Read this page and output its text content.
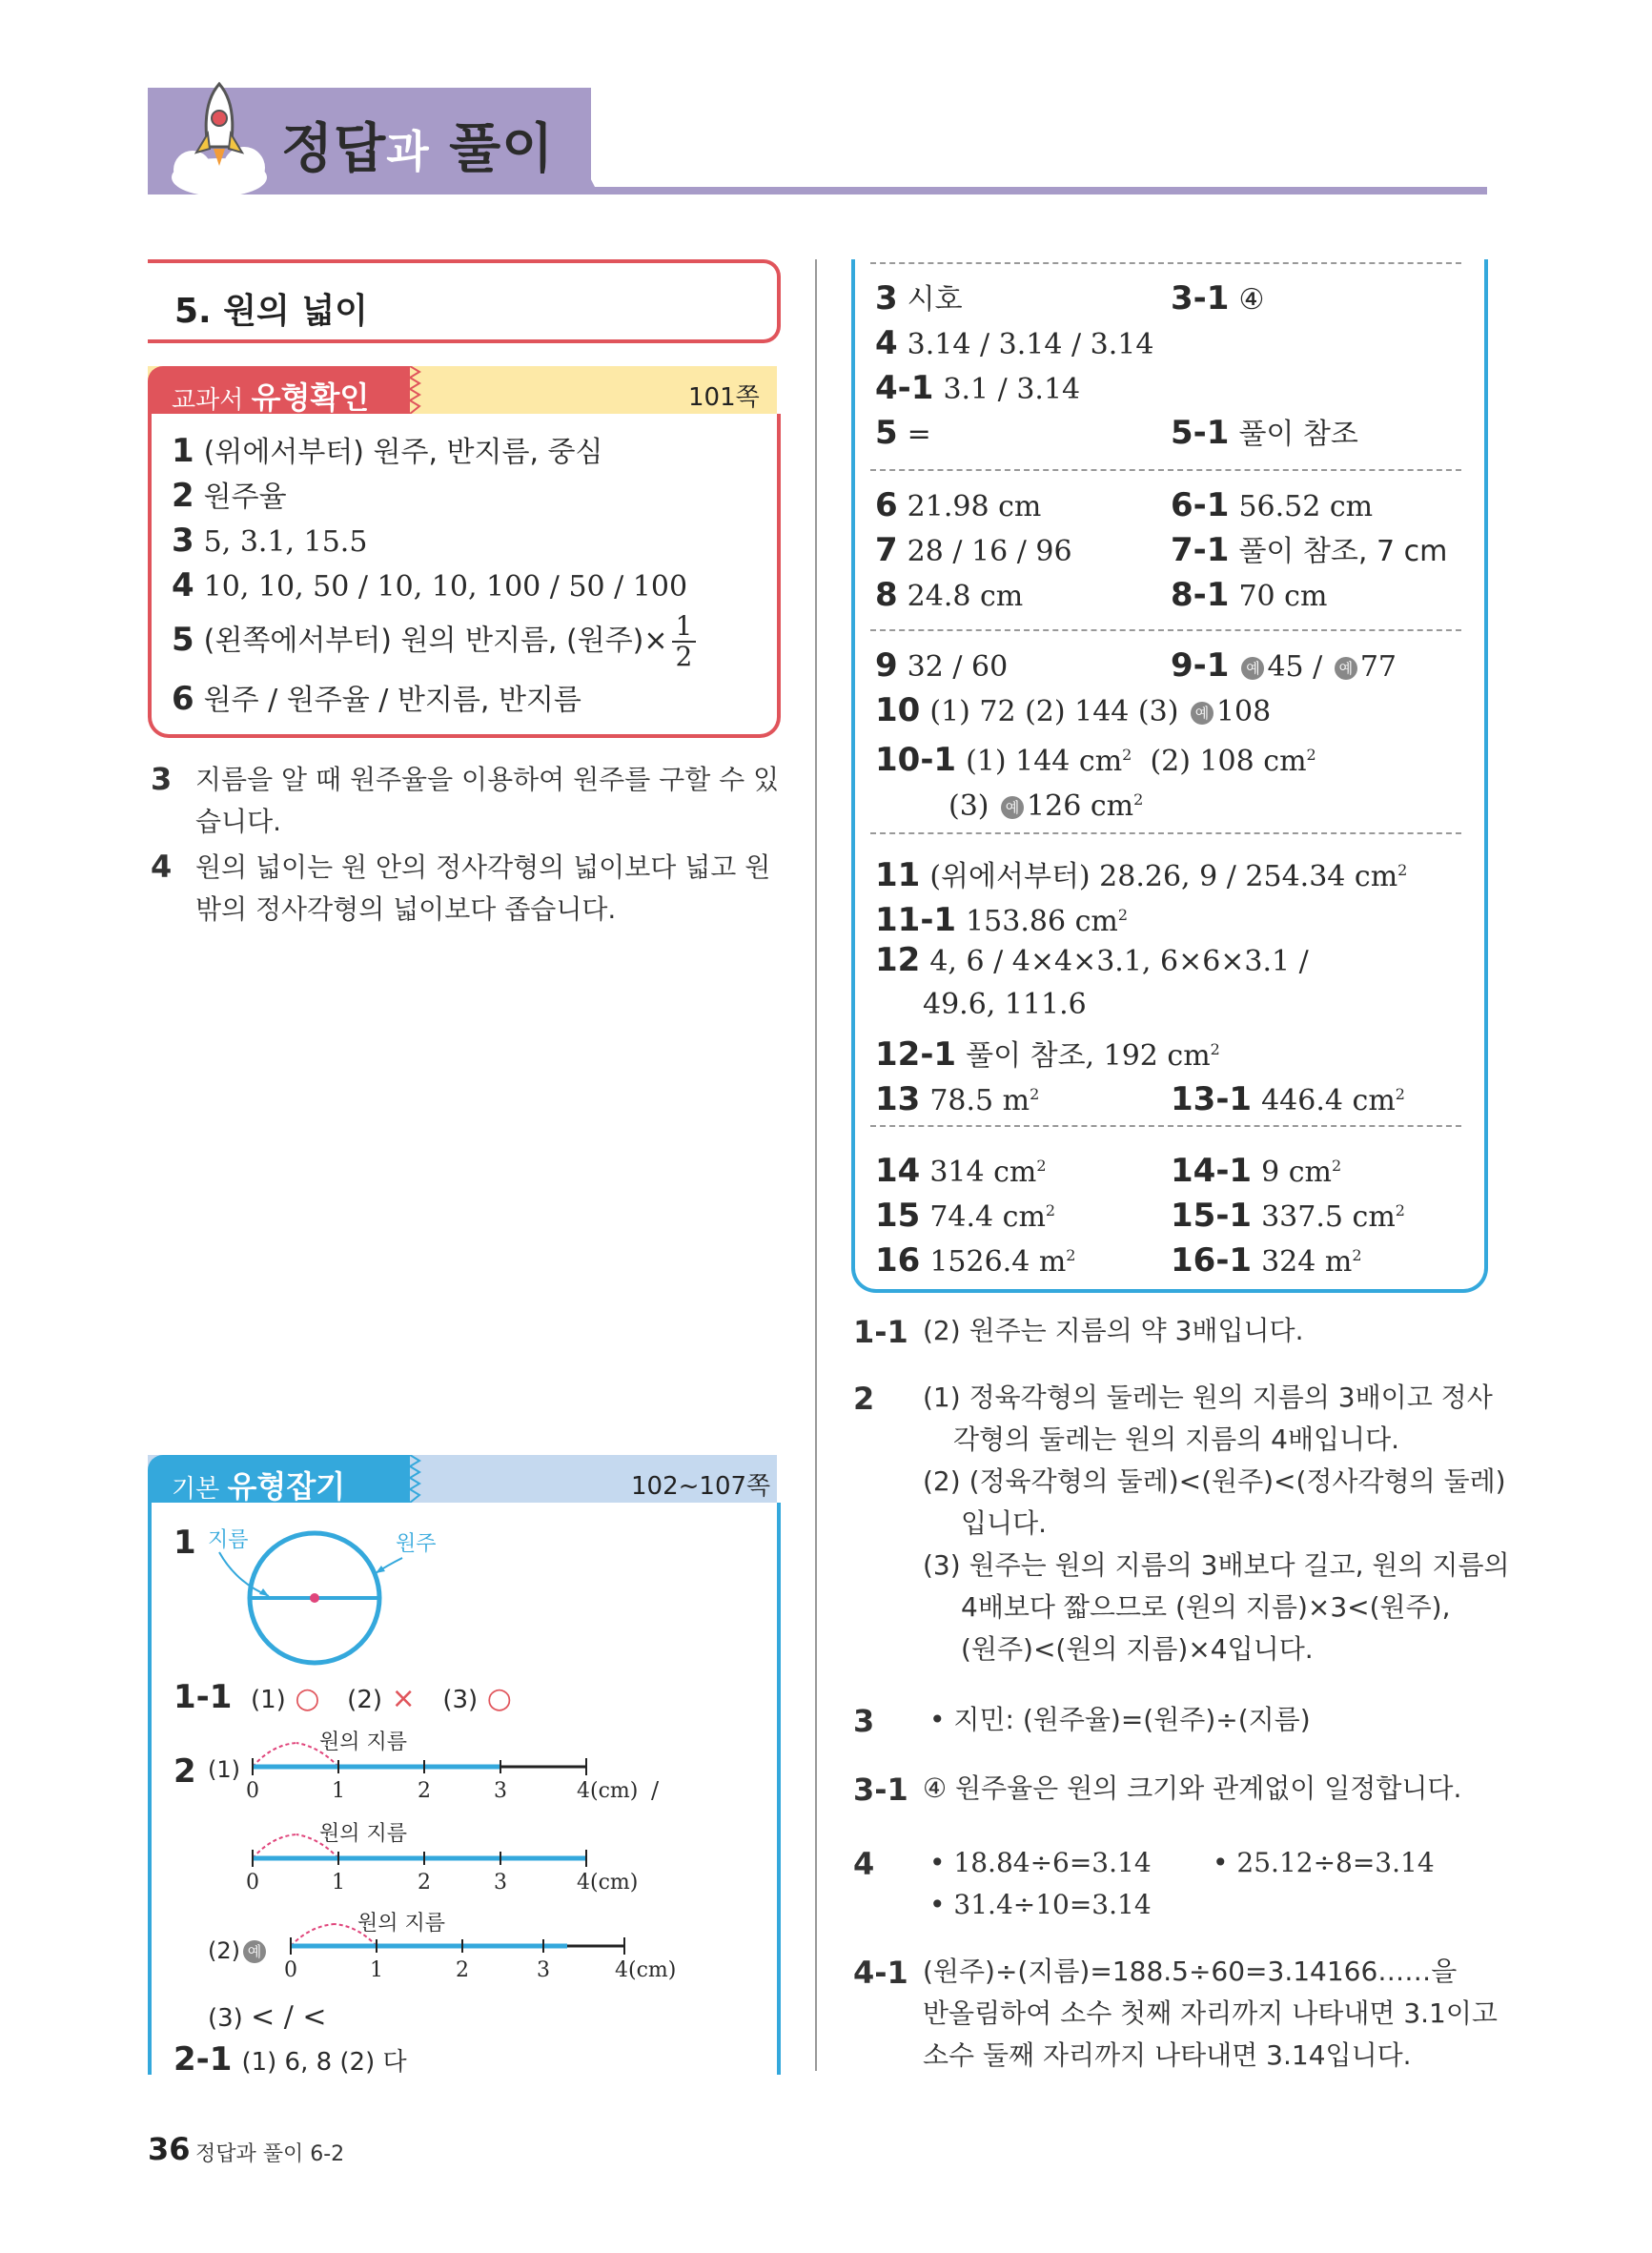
정답과 풀이
5. 원의 넓이
교과서 유형확인	101쪽
1 (위에서부터) 원주, 반지름, 중심
2 원주율
3 5, 3.1, 15.5
4 10, 10, 50 / 10, 10, 100 / 50 / 100
5 (왼쪽에서부터) 원의 반지름, (원주)× $\frac{1}{2}$
6 원주 / 원주율 / 반지름, 반지름
3 지름을 알 때 원주율을 이용하여 원주를 구할 수 있
습니다.
4 원의 넓이는 원 안의 정사각형의 넓이보다 넓고 원
밖의 정사각형의 넓이보다 좁습니다.
기본 유형잡기	102~107쪽
1 지름	원주
1-1 (1) ○ (2) × (3) ○
2 (1)
원의 지름
0	1	2	3	4(cm) /
원의 지름
0	1	2	3	4(cm)
(2) 예
원의 지름
0	1	2	3	4(cm)
(3) < / <
2-1 (1) 6, 8 (2) 다
3 시호	3-1 ④
4 3.14 / 3.14 / 3.14
4-1 3.1 / 3.14
5 =	5-1 풀이 참조
6 21.98 cm	6-1 56.52 cm
7 28 / 16 / 96	7-1 풀이 참조, 7 cm
8 24.8 cm	8-1 70 cm
9 32 / 60	9-1 예 45 / 예 77
10 (1) 72 (2) 144 (3) 예 108
10-1 (1) 144 $cm^2$ (2) 108 $cm^2$
(3) 예 126 $cm^2$
11 (위에서부터) 28.26, 9 / 254.34 $cm^2$
11-1 153.86 $cm^2$
12 4, 6 / 4×4×3.1, 6×6×3.1 /
49.6, 111.6
12-1 풀이 참조, 192 $cm^2$
13 78.5 $m^2$	13-1 446.4 $cm^2$
14 314 $cm^2$	14-1 9 $cm^2$
15 74.4 $cm^2$	15-1 337.5 $cm^2$
16 1526.4 $m^2$	16-1 324 $m^2$
1-1 (2) 원주는 지름의 약 3배입니다.
2 (1) 정육각형의 둘레는 원의 지름의 3배이고 정사
각형의 둘레는 원의 지름의 4배입니다.
(2) (정육각형의 둘레)<(원주)<(정사각형의 둘레)
입니다.
(3) 원주는 원의 지름의 3배보다 길고, 원의 지름의
4배보다 짧으므로 (원의 지름)×3<(원주),
(원주)<(원의 지름)×4입니다.
3 • 지민: (원주율)=(원주)÷(지름)
3-1 ④ 원주율은 원의 크기와 관계없이 일정합니다.
4 • 18.84÷6=3.14 • 25.12÷8=3.14
• 31.4÷10=3.14
4-1 (원주)÷(지름)=188.5÷60=3.14166……을
반올림하여 소수 첫째 자리까지 나타내면 3.1이고
소수 둘째 자리까지 나타내면 3.14입니다.
36 정답과 풀이 6-2
